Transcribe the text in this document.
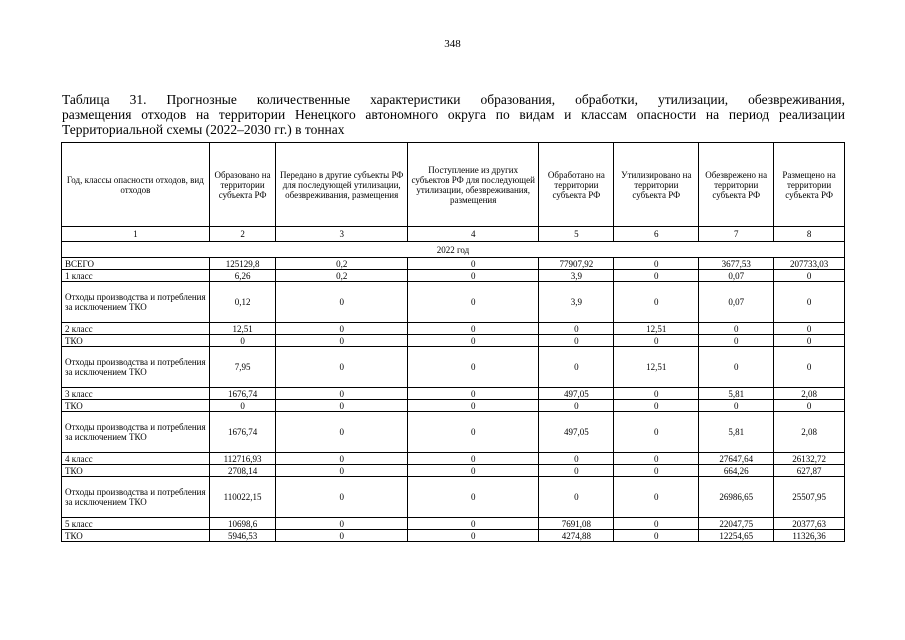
348
Таблица 31. Прогнозные количественные характеристики образования, обработки, утилизации, обезвреживания,
размещения отходов на территории Ненецкого автономного округа по видам и классам опасности на период реализации
Территориальной схемы (2022–2030 гг.) в тоннах
Год, классы опасности отходов, вид отходов	Образовано на территории субъекта РФ	Передано в другие субъекты РФ для последующей утилизации, обезвреживания, размещения	Поступление из других субъектов РФ для последующей утилизации, обезвреживания, размещения	Обработано на территории субъекта РФ	Утилизировано на территории субъекта РФ	Обезврежено на территории субъекта РФ	Размещено на территории субъекта РФ
1	2	3	4	5	6	7	8
2022 год							
ВСЕГО	125129,8	0,2	0	77907,92	0	3677,53	207733,03
1 класс	6,26	0,2	0	3,9	0	0,07	0
Отходы производства и потребления за исключением ТКО	0,12	0	0	3,9	0	0,07	0
2 класс	12,51	0	0	0	12,51	0	0
ТКО	0	0	0	0	0	0	0
Отходы производства и потребления за исключением ТКО	7,95	0	0	0	12,51	0	0
3 класс	1676,74	0	0	497,05	0	5,81	2,08
ТКО	0	0	0	0	0	0	0
Отходы производства и потребления за исключением ТКО	1676,74	0	0	497,05	0	5,81	2,08
4 класс	112716,93	0	0	0	0	27647,64	26132,72
ТКО	2708,14	0	0	0	0	664,26	627,87
Отходы производства и потребления за исключением ТКО	110022,15	0	0	0	0	26986,65	25507,95
5 класс	10698,6	0	0	7691,08	0	22047,75	20377,63
ТКО	5946,53	0	0	4274,88	0	12254,65	11326,36
